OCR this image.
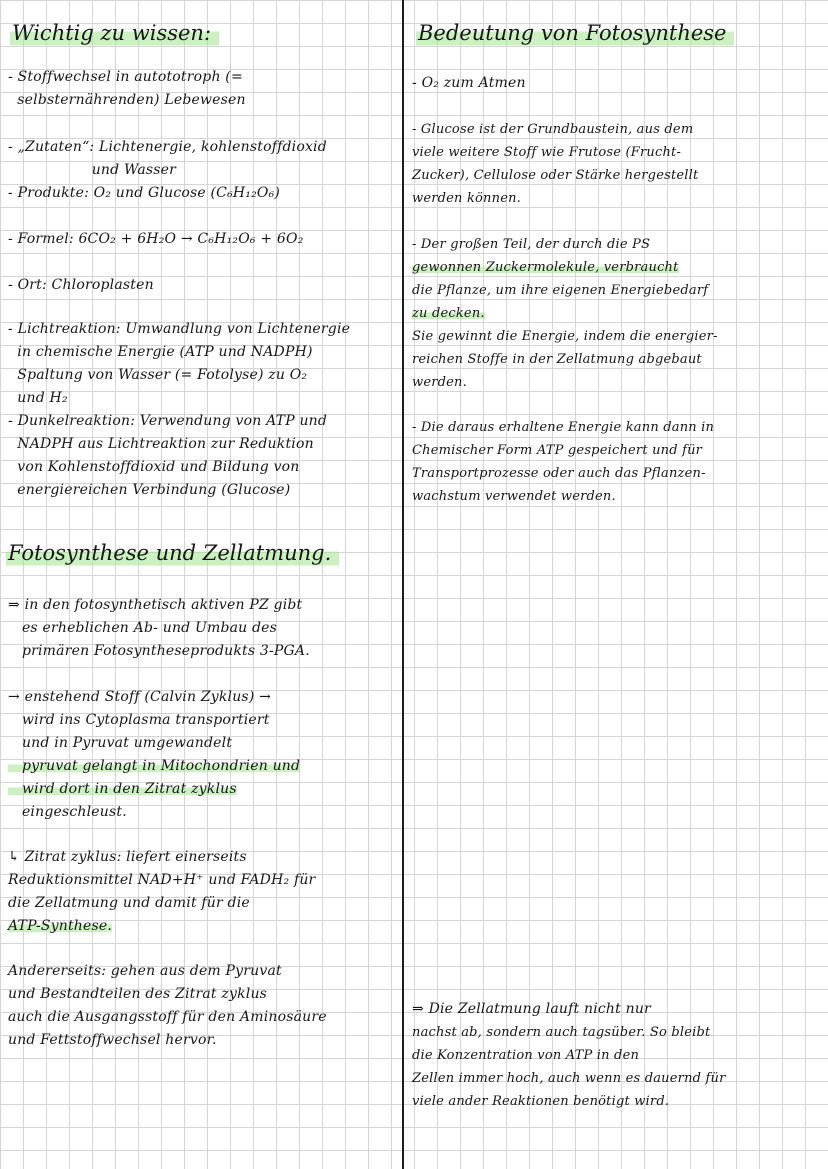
Wichtig zu wissen:

- Stoffwechsel in autototroph (=
selbsternährenden) Lebewesen

- „Zutaten“: Lichtenergie, kohlenstoffdioxid
und Wasser

- Produkte: O₂ und Glucose (C₆H₁₂O₆)

- Formel: 6CO₂ + 6H₂O → C₆H₁₂O₆ + 6O₂

- Ort: Chloroplasten

- Lichtreaktion: Umwandlung von Lichtenergie
in chemische Energie (ATP und NADPH)
Spaltung von Wasser (= Fotolyse) zu O₂
und H₂

- Dunkelreaktion: Verwendung von ATP und
NADPH aus Lichtreaktion zur Reduktion
von Kohlenstoffdioxid und Bildung von
energiereichen Verbindung (Glucose)

Fotosynthese und Zellatmung.

⇒ in den fotosynthetisch aktiven PZ gibt
es erheblichen Ab- und Umbau des
primären Fotosyntheseprodukts 3-PGA.

→ enstehend Stoff (Calvin Zyklus) →
wird ins Cytoplasma transportiert
und in Pyruvat umgewandelt

pyruvat gelangt in Mitochondrien und

wird dort in den Zitrat zyklus

eingeschleust.

↳ Zitrat zyklus: liefert einerseits

Reduktionsmittel NAD+H⁺ und FADH₂ für

die Zellatmung und damit für die

ATP-Synthese.

Andererseits: gehen aus dem Pyruvat
und Bestandteilen des Zitrat zyklus
auch die Ausgangsstoff für den Aminosäure
und Fettstoffwechsel hervor.

Bedeutung von Fotosynthese

- O₂ zum Atmen

- Glucose ist der Grundbaustein, aus dem
viele weitere Stoff wie Frutose (Frucht-
Zucker), Cellulose oder Stärke hergestellt
werden können.

- Der großen Teil, der durch die PS

gewonnen Zuckermolekule, verbraucht

die Pflanze, um ihre eigenen Energiebedarf

zu decken.

Sie gewinnt die Energie, indem die energier-
reichen Stoffe in der Zellatmung abgebaut
werden.

- Die daraus erhaltene Energie kann dann in
Chemischer Form ATP gespeichert und für
Transportprozesse oder auch das Pflanzen-
wachstum verwendet werden.

⇒ Die Zellatmung lauft nicht nur

nachst ab, sondern auch tagsüber. So bleibt
die Konzentration von ATP in den
Zellen immer hoch, auch wenn es dauernd für
viele ander Reaktionen benötigt wird.
